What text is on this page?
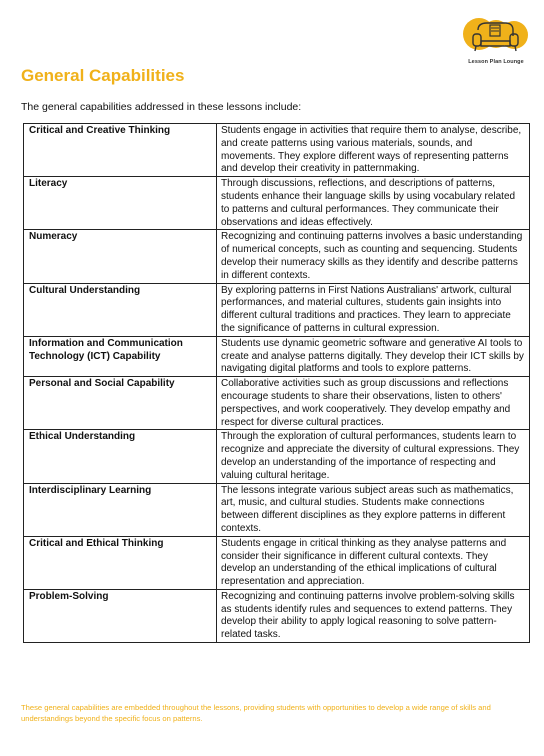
Lesson Plan Lounge
General Capabilities

The general capabilities addressed in these lessons include:

Critical and Creative Thinking	Students engage in activities that require them to analyse, describe, and create patterns using various materials, sounds, and movements. They explore different ways of representing patterns and develop their creativity in patternmaking.
Literacy	Through discussions, reflections, and descriptions of patterns, students enhance their language skills by using vocabulary related to patterns and cultural performances. They communicate their observations and ideas effectively.
Numeracy	Recognizing and continuing patterns involves a basic understanding of numerical concepts, such as counting and sequencing. Students develop their numeracy skills as they identify and describe patterns in different contexts.
Cultural Understanding	By exploring patterns in First Nations Australians' artwork, cultural performances, and material cultures, students gain insights into different cultural traditions and practices. They learn to appreciate the significance of patterns in cultural expression.
Information and Communication Technology (ICT) Capability	Students use dynamic geometric software and generative AI tools to create and analyse patterns digitally. They develop their ICT skills by navigating digital platforms and tools to explore patterns.
Personal and Social Capability	Collaborative activities such as group discussions and reflections encourage students to share their observations, listen to others' perspectives, and work cooperatively. They develop empathy and respect for diverse cultural practices.
Ethical Understanding	Through the exploration of cultural performances, students learn to recognize and appreciate the diversity of cultural expressions. They develop an understanding of the importance of respecting and valuing cultural heritage.
Interdisciplinary Learning	The lessons integrate various subject areas such as mathematics, art, music, and cultural studies. Students make connections between different disciplines as they explore patterns in different contexts.
Critical and Ethical Thinking	Students engage in critical thinking as they analyse patterns and consider their significance in different cultural contexts. They develop an understanding of the ethical implications of cultural representation and appreciation.
Problem-Solving	Recognizing and continuing patterns involve problem-solving skills as students identify rules and sequences to extend patterns. They develop their ability to apply logical reasoning to solve pattern-related tasks.

These general capabilities are embedded throughout the lessons, providing students with opportunities to develop a wide range of skills and understandings beyond the specific focus on patterns.
